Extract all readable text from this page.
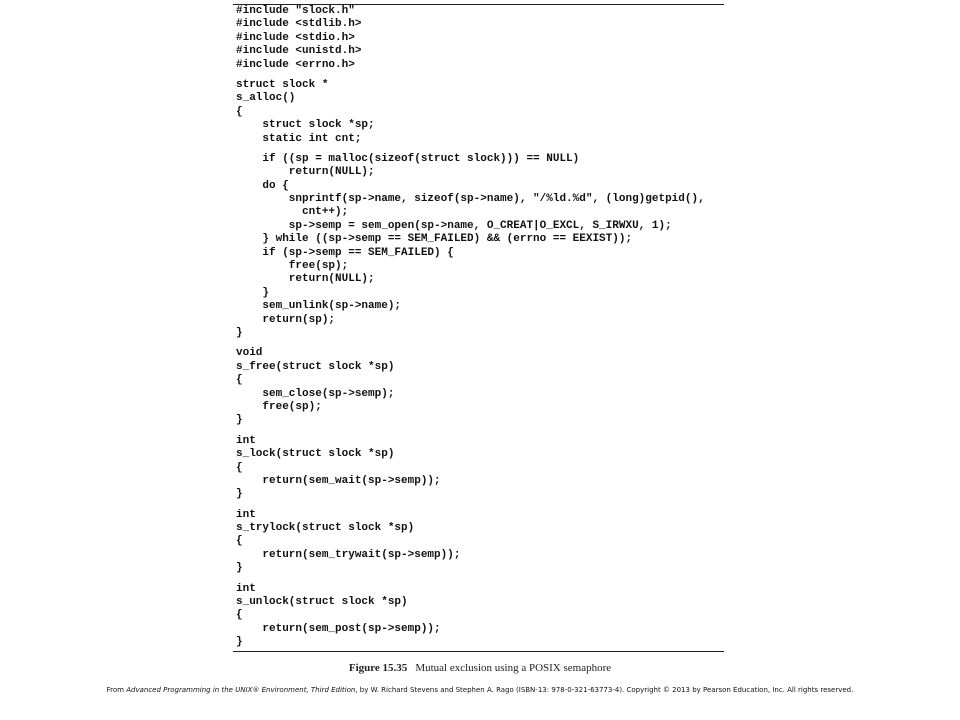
#include "slock.h"
#include <stdlib.h>
#include <stdio.h>
#include <unistd.h>
#include <errno.h>
struct slock *
s_alloc()
{
struct slock *sp;
static int cnt;
if ((sp = malloc(sizeof(struct slock))) == NULL)
return(NULL);
do {
snprintf(sp->name, sizeof(sp->name), "/%ld.%d", (long)getpid(),
cnt++);
sp->semp = sem_open(sp->name, O_CREAT|O_EXCL, S_IRWXU, 1);
} while ((sp->semp == SEM_FAILED) && (errno == EEXIST));
if (sp->semp == SEM_FAILED) {
free(sp);
return(NULL);
}
sem_unlink(sp->name);
return(sp);
}
void
s_free(struct slock *sp)
{
sem_close(sp->semp);
free(sp);
}
int
s_lock(struct slock *sp)
{
return(sem_wait(sp->semp));
}
int
s_trylock(struct slock *sp)
{
return(sem_trywait(sp->semp));
}
int
s_unlock(struct slock *sp)
{
return(sem_post(sp->semp));
}
Figure 15.35 Mutual exclusion using a POSIX semaphore
From Advanced Programming in the UNIX® Environment, Third Edition, by W. Richard Stevens and Stephen A. Rago (ISBN-13: 978-0-321-63773-4). Copyright © 2013 by Pearson Education, Inc. All rights reserved.
